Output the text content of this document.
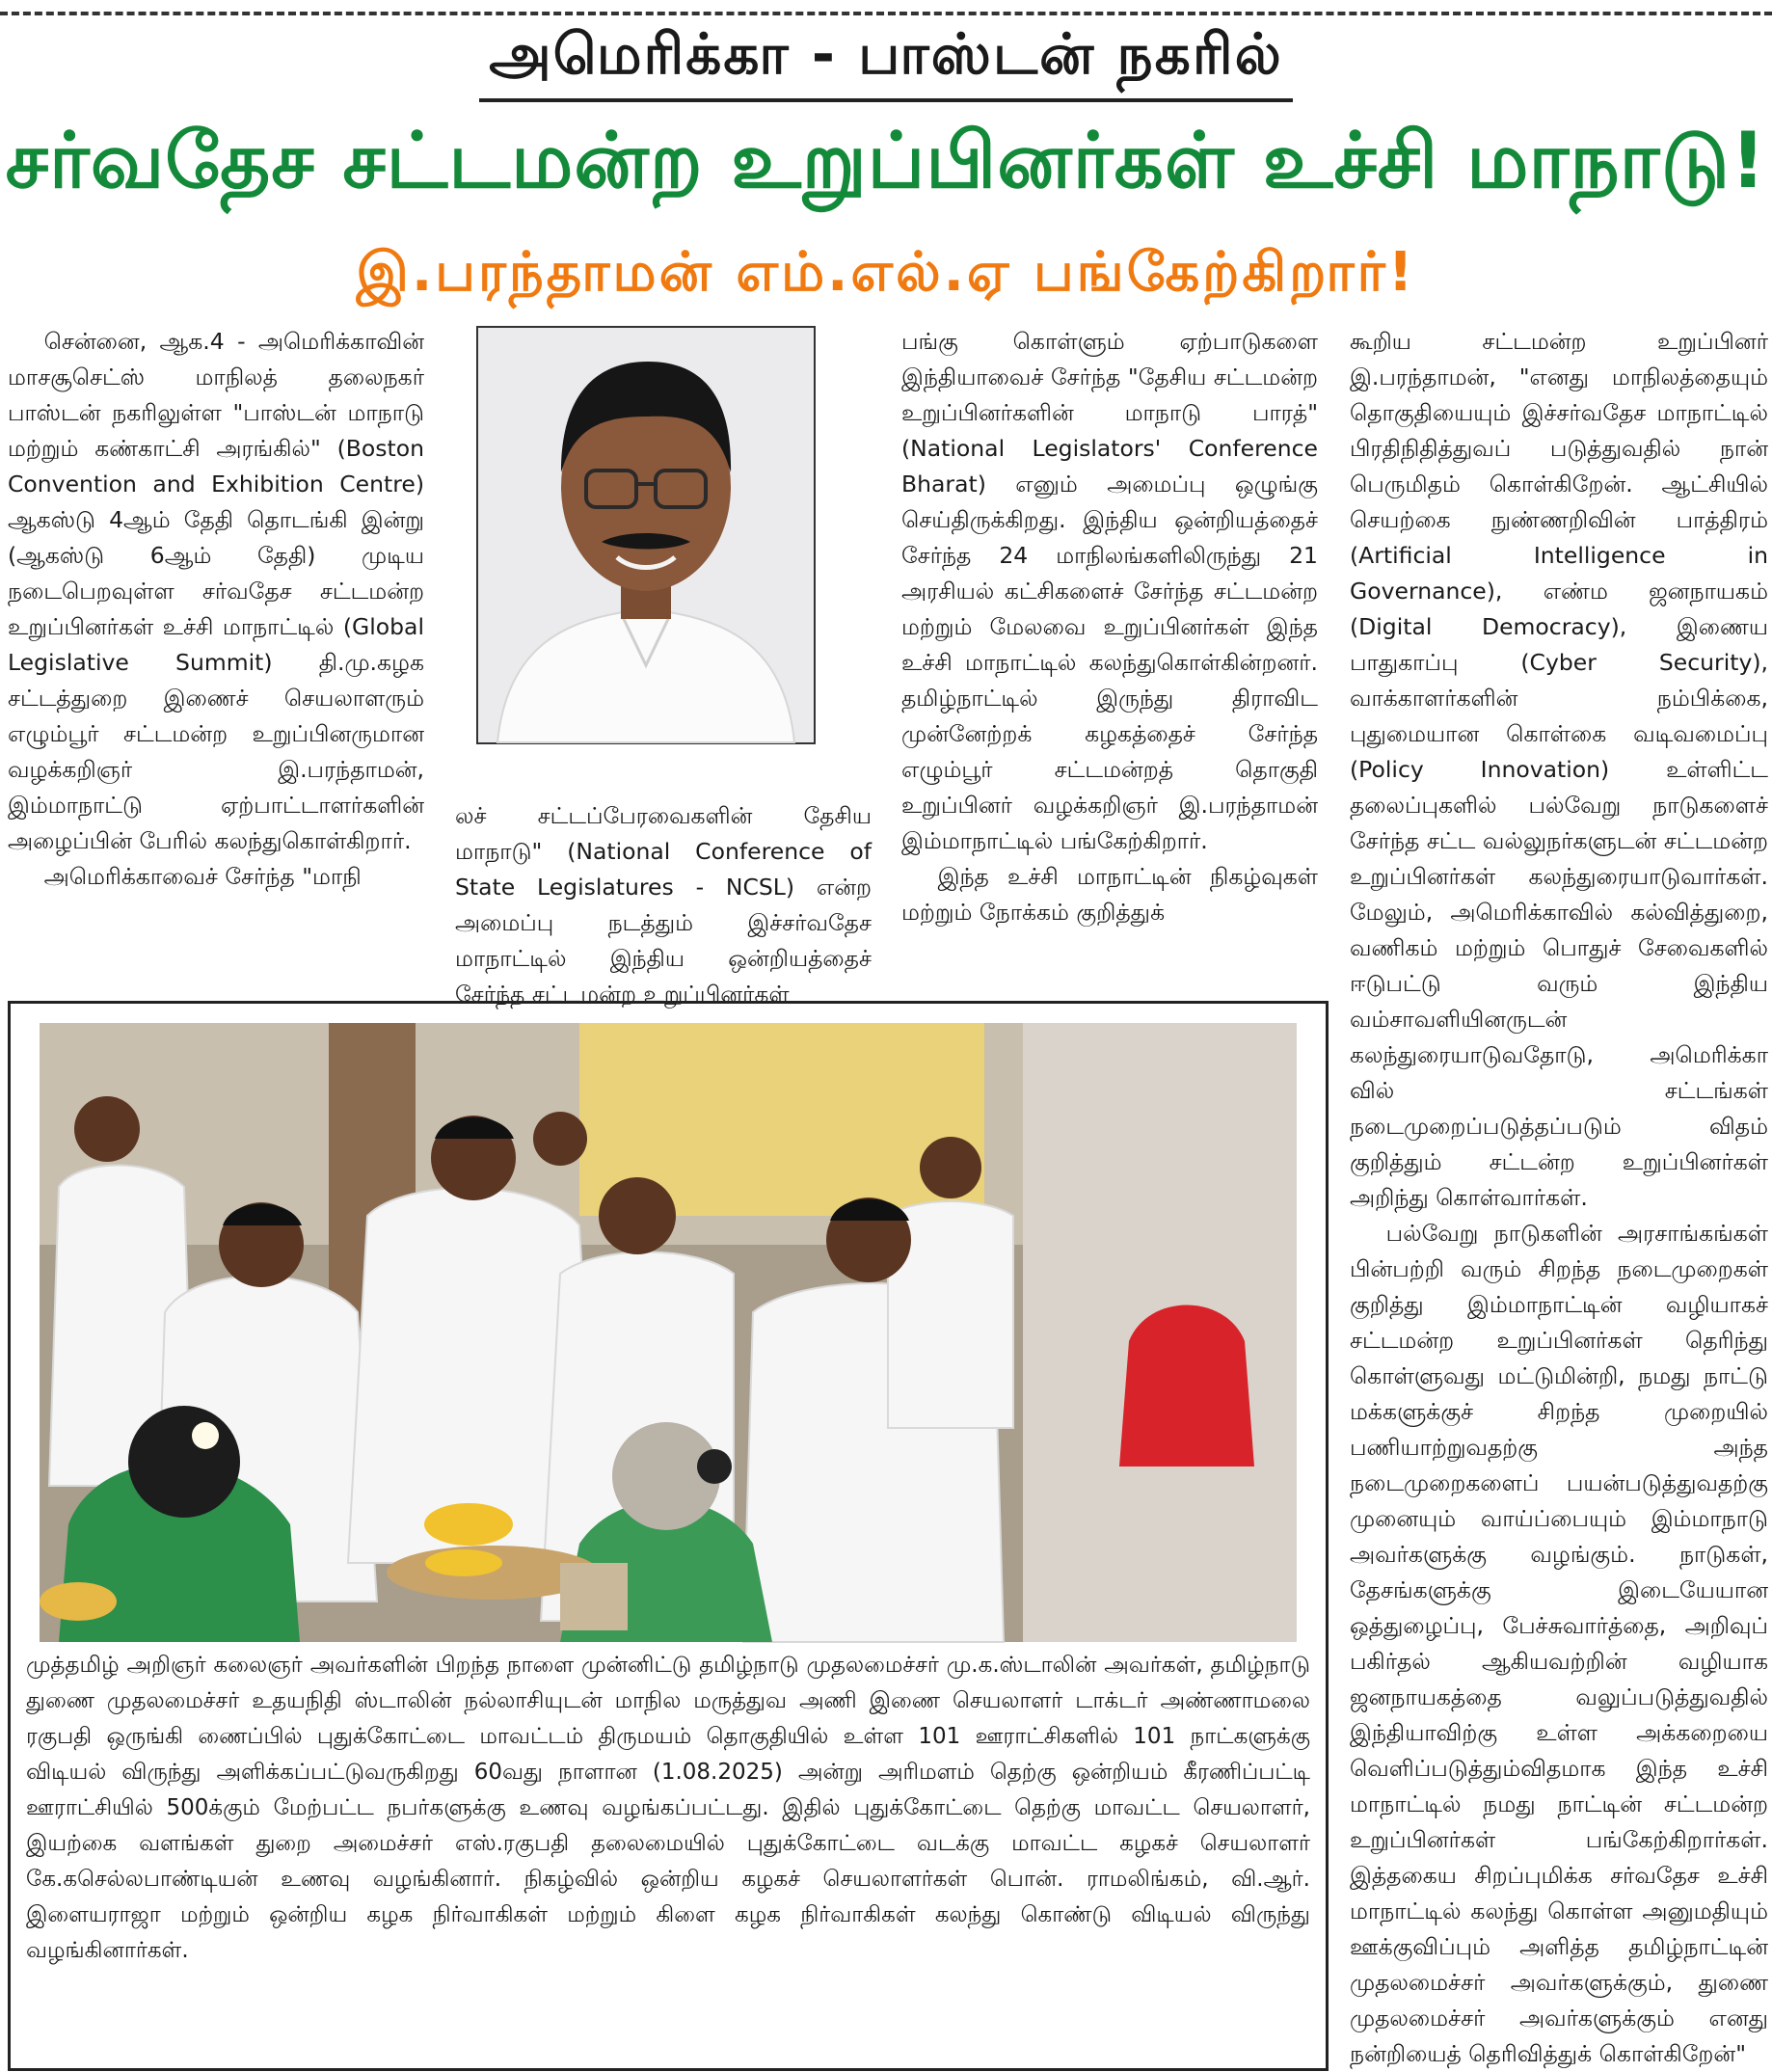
அமெரிக்கா - பாஸ்டன் நகரில்
சர்வதேச சட்டமன்ற உறுப்பினர்கள் உச்சி மாநாடு!
இ.பரந்தாமன் எம்.எல்.ஏ பங்கேற்கிறார்!

சென்னை, ஆக.4 - அமெரிக்காவின் மாசசூசெட்ஸ் மாநிலத் தலைநகர் பாஸ்டன் நகரிலுள்ள "பாஸ்டன் மாநாடு மற்றும் கண்காட்சி அரங்கில்" (Boston Convention and Exhibition Centre) ஆகஸ்டு 4ஆம் தேதி தொடங்கி இன்று (ஆகஸ்டு 6ஆம் தேதி) முடிய நடைபெறவுள்ள சர்வதேச சட்டமன்ற உறுப்பினர்கள் உச்சி மாநாட்டில் (Global Legislative Summit) தி.மு.கழக சட்டத்துறை இணைச் செயலாளரும் எழும்பூர் சட்டமன்ற உறுப்பினருமான வழக்கறிஞர் இ.பரந்தாமன், இம்மாநாட்டு ஏற்பாட்டாளர்களின் அழைப்பின் பேரில் கலந்துகொள்கிறார்.

அமெரிக்காவைச் சேர்ந்த "மாநி

லச் சட்டப்பேரவைகளின் தேசிய மாநாடு" (National Conference of State Legislatures - NCSL) என்ற அமைப்பு நடத்தும் இச்சர்வதேச மாநாட்டில் இந்திய ஒன்றியத்தைச் சேர்ந்த சட்டமன்ற உறுப்பினர்கள்

பங்கு கொள்ளும் ஏற்பாடுகளை இந்தியாவைச் சேர்ந்த "தேசிய சட்டமன்ற உறுப்பினர்களின் மாநாடு பாரத்" (National Legislators' Conference Bharat) எனும் அமைப்பு ஒழுங்கு செய்திருக்கிறது. இந்திய ஒன்றியத்தைச் சேர்ந்த 24 மாநிலங்களிலிருந்து 21 அரசியல் கட்சிகளைச் சேர்ந்த சட்டமன்ற மற்றும் மேலவை உறுப்பினர்கள் இந்த உச்சி மாநாட்டில் கலந்துகொள்கின்றனர். தமிழ்நாட்டில் இருந்து திராவிட முன்னேற்றக் கழகத்தைச் சேர்ந்த எழும்பூர் சட்டமன்றத் தொகுதி உறுப்பினர் வழக்கறிஞர் இ.பரந்தாமன் இம்மாநாட்டில் பங்கேற்கிறார்.

இந்த உச்சி மாநாட்டின் நிகழ்வுகள் மற்றும் நோக்கம் குறித்துக்

கூறிய சட்டமன்ற உறுப்பினர் இ.பரந்தாமன், "எனது மாநிலத்தையும் தொகுதியையும் இச்சர்வதேச மாநாட்டில் பிரதிநிதித்துவப் படுத்துவதில் நான் பெருமிதம் கொள்கிறேன். ஆட்சியில் செயற்கை நுண்ணறிவின் பாத்திரம் (Artificial Intelligence in Governance), எண்ம ஜனநாயகம் (Digital Democracy), இணைய பாதுகாப்பு (Cyber Security), வாக்காளர்களின் நம்பிக்கை, புதுமையான கொள்கை வடிவமைப்பு (Policy Innovation) உள்ளிட்ட தலைப்புகளில் பல்வேறு நாடுகளைச் சேர்ந்த சட்ட வல்லுநர்களுடன் சட்டமன்ற உறுப்பினர்கள் கலந்துரையாடுவார்கள். மேலும், அமெரிக்காவில் கல்வித்துறை, வணிகம் மற்றும் பொதுச் சேவைகளில் ஈடுபட்டு வரும் இந்திய வம்சாவளியினருடன் கலந்துரையாடுவதோடு, அமெரிக்கா வில் சட்டங்கள் நடைமுறைப்படுத்தப்படும் விதம் குறித்தும் சட்டன்ற உறுப்பினர்கள் அறிந்து கொள்வார்கள்.

பல்வேறு நாடுகளின் அரசாங்கங்கள் பின்பற்றி வரும் சிறந்த நடைமுறைகள் குறித்து இம்மாநாட்டின் வழியாகச் சட்டமன்ற உறுப்பினர்கள் தெரிந்து கொள்ளுவது மட்டுமின்றி, நமது நாட்டு மக்களுக்குச் சிறந்த முறையில் பணியாற்றுவதற்கு அந்த நடைமுறைகளைப் பயன்படுத்துவதற்கு முனையும் வாய்ப்பையும் இம்மாநாடு அவர்களுக்கு வழங்கும். நாடுகள், தேசங்களுக்கு இடையேயான ஒத்துழைப்பு, பேச்சுவார்த்தை, அறிவுப் பகிர்தல் ஆகியவற்றின் வழியாக ஜனநாயகத்தை வலுப்படுத்துவதில் இந்தியாவிற்கு உள்ள அக்கறையை வெளிப்படுத்தும்விதமாக இந்த உச்சி மாநாட்டில் நமது நாட்டின் சட்டமன்ற உறுப்பினர்கள் பங்கேற்கிறார்கள். இத்தகைய சிறப்புமிக்க சர்வதேச உச்சி மாநாட்டில் கலந்து கொள்ள அனுமதியும் ஊக்குவிப்பும் அளித்த தமிழ்நாட்டின் முதலமைச்சர் அவர்களுக்கும், துணை முதலமைச்சர் அவர்களுக்கும் எனது நன்றியைத் தெரிவித்துக் கொள்கிறேன்"

முத்தமிழ் அறிஞர் கலைஞர் அவர்களின் பிறந்த நாளை முன்னிட்டு தமிழ்நாடு முதலமைச்சர் மு.க.ஸ்டாலின் அவர்கள், தமிழ்நாடு துணை முதலமைச்சர் உதயநிதி ஸ்டாலின் நல்லாசியுடன் மாநில மருத்துவ அணி இணை செயலாளர் டாக்டர் அண்ணாமலை ரகுபதி ஒருங்கி ணைப்பில் புதுக்கோட்டை மாவட்டம் திருமயம் தொகுதியில் உள்ள 101 ஊராட்சிகளில் 101 நாட்களுக்கு விடியல் விருந்து அளிக்கப்பட்டுவருகிறது 60வது நாளான (1.08.2025) அன்று அரிமளம் தெற்கு ஒன்றியம் கீரணிப்பட்டி ஊராட்சியில் 500க்கும் மேற்பட்ட நபர்களுக்கு உணவு வழங்கப்பட்டது. இதில் புதுக்கோட்டை தெற்கு மாவட்ட செயலாளர், இயற்கை வளங்கள் துறை அமைச்சர் எஸ்.ரகுபதி தலைமையில் புதுக்கோட்டை வடக்கு மாவட்ட கழகச் செயலாளர் கே.கசெல்லபாண்டியன் உணவு வழங்கினார். நிகழ்வில் ஒன்றிய கழகச் செயலாளர்கள் பொன். ராமலிங்கம், வி.ஆர். இளையராஜா மற்றும் ஒன்றிய கழக நிர்வாகிகள் மற்றும் கிளை கழக நிர்வாகிகள் கலந்து கொண்டு விடியல் விருந்து வழங்கினார்கள்.
